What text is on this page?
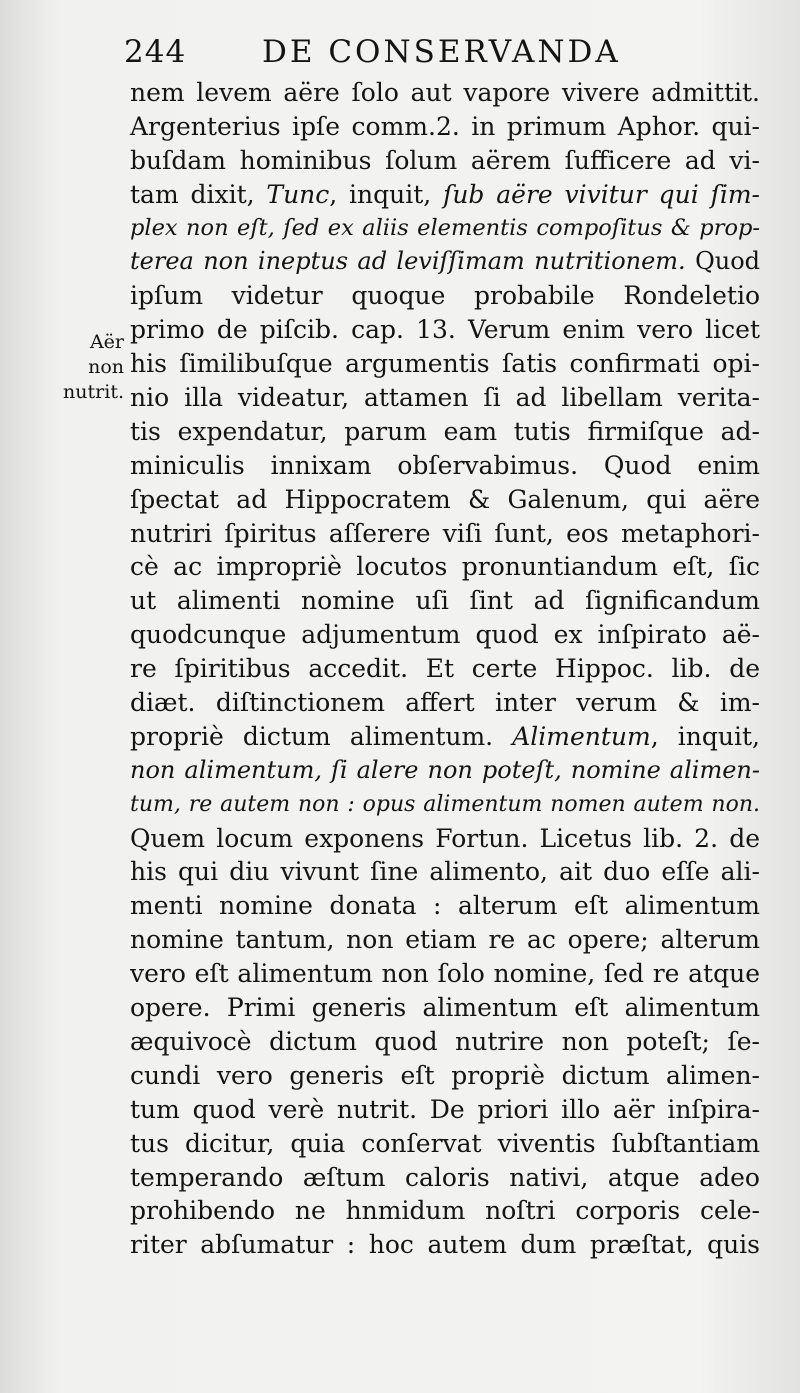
244 DE CONSERVANDA
Aër
non
nutrit.
nem levem aëre ſolo aut vapore vivere admittit.
Argenterius ipſe comm.2. in primum Aphor. qui-
buſdam hominibus ſolum aërem ſufficere ad vi-
tam dixit, Tunc, inquit, ſub aëre vivitur qui ſim-
plex non eſt, ſed ex aliis elementis compoſitus & prop-
terea non ineptus ad leviſſimam nutritionem. Quod
ipſum videtur quoque probabile Rondeletio
primo de piſcib. cap. 13. Verum enim vero licet
his ſimilibuſque argumentis ſatis confirmati opi-
nio illa videatur, attamen ſi ad libellam verita-
tis expendatur, parum eam tutis firmiſque ad-
miniculis innixam obſervabimus. Quod enim
ſpectat ad Hippocratem & Galenum, qui aëre
nutriri ſpiritus aſſerere viſi ſunt, eos metaphori-
cè ac impropriè locutos pronuntiandum eſt, ſic
ut alimenti nomine uſi ſint ad ſignificandum
quodcunque adjumentum quod ex inſpirato aë-
re ſpiritibus accedit. Et certe Hippoc. lib. de
diæt. diſtinctionem affert inter verum & im-
propriè dictum alimentum. Alimentum, inquit,
non alimentum, ſi alere non poteſt, nomine alimen-
tum, re autem non : opus alimentum nomen autem non.
Quem locum exponens Fortun. Licetus lib. 2. de
his qui diu vivunt ſine alimento, ait duo eſſe ali-
menti nomine donata : alterum eſt alimentum
nomine tantum, non etiam re ac opere; alterum
vero eſt alimentum non ſolo nomine, ſed re atque
opere. Primi generis alimentum eſt alimentum
æquivocè dictum quod nutrire non poteſt; ſe-
cundi vero generis eſt propriè dictum alimen-
tum quod verè nutrit. De priori illo aër inſpira-
tus dicitur, quia conſervat viventis ſubſtantiam
temperando æſtum caloris nativi, atque adeo
prohibendo ne hnmidum noſtri corporis cele-
riter abſumatur : hoc autem dum præſtat, quis
